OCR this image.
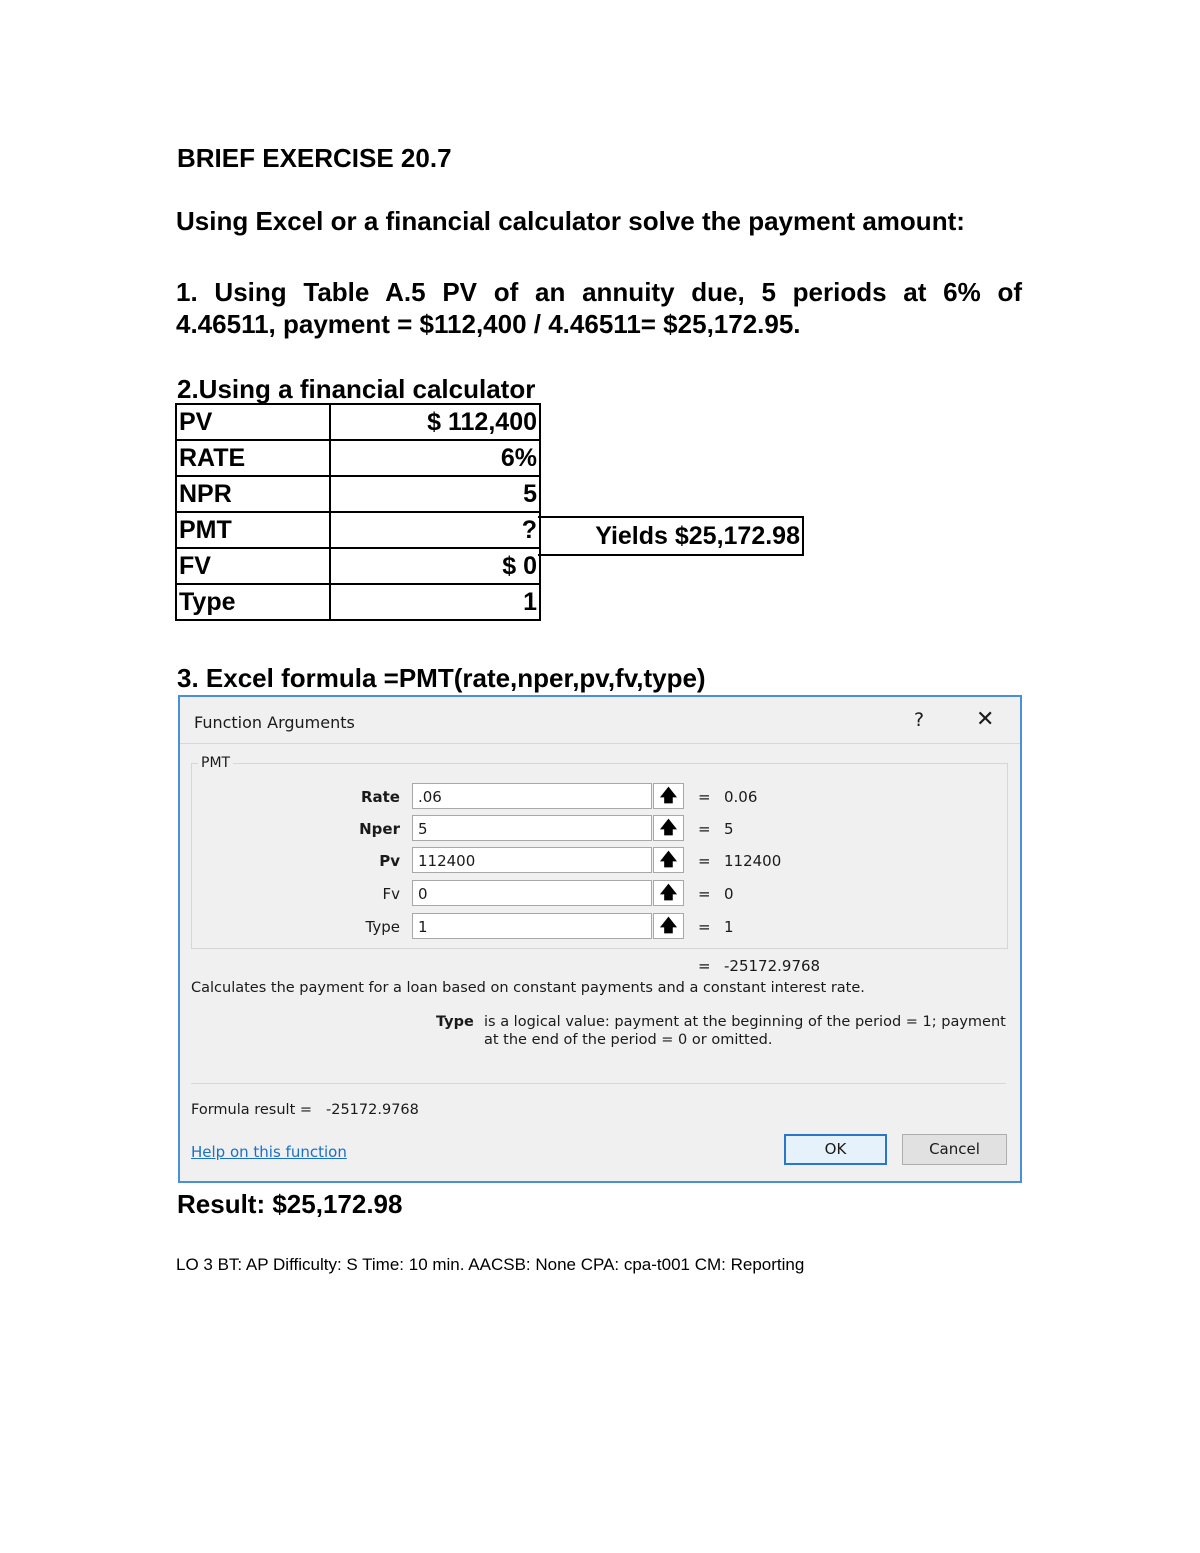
BRIEF EXERCISE 20.7
Using Excel or a financial calculator solve the payment amount:
1. Using Table A.5 PV of an annuity due, 5 periods at 6% of
4.46511, payment = $112,400 / 4.46511= $25,172.95.
2.Using a financial calculator
PV	$ 112,400
RATE	6%
NPR	5
PMT	?
FV	$ 0
Type	1
Yields $25,172.98
3. Excel formula =PMT(rate,nper,pv,fv,type)
Function Arguments	? ✕
PMT
Rate	.06	🡅	= 0.06
Nper	5	🡅	= 5
Pv	112400	🡅	= 112400
Fv	0	🡅	= 0
Type	1	🡅	= 1
= -25172.9768
Calculates the payment for a loan based on constant payments and a constant interest rate.
Type is a logical value: payment at the beginning of the period = 1; payment
at the end of the period = 0 or omitted.
Formula result = -25172.9768
Help on this function	OK	Cancel
Result: $25,172.98
LO 3 BT: AP Difficulty: S Time: 10 min. AACSB: None CPA: cpa-t001 CM: Reporting
